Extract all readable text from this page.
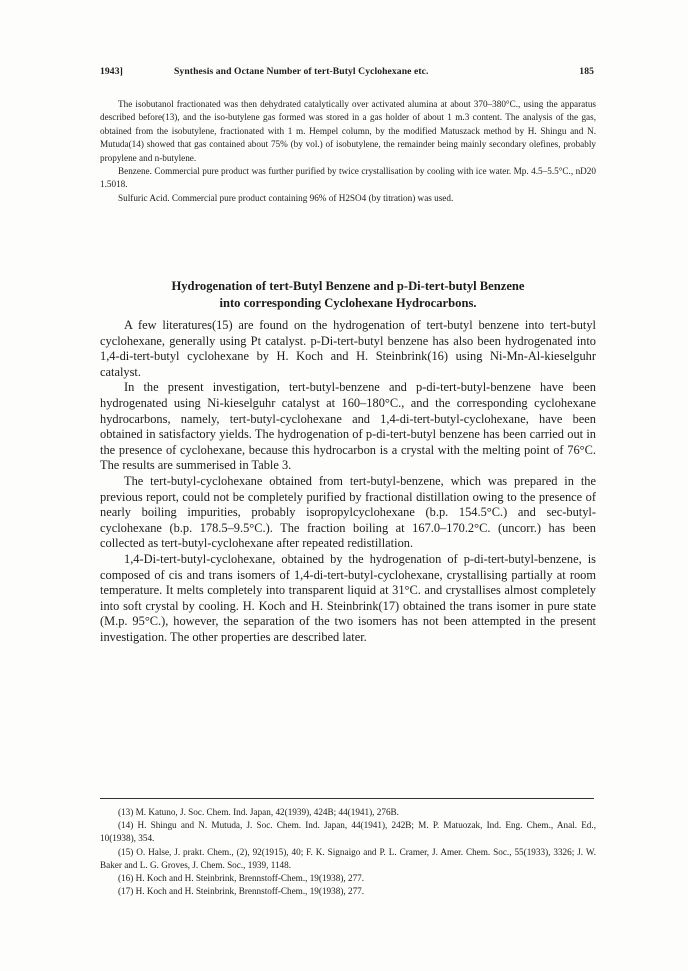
1943]	Synthesis and Octane Number of tert-Butyl Cyclohexane etc.	185

The isobutanol fractionated was then dehydrated catalytically over activated alumina at about 370–380°C., using the apparatus described before(13), and the iso-butylene gas formed was stored in a gas holder of about 1 m.3 content. The analysis of the gas, obtained from the isobutylene, fractionated with 1 m. Hempel column, by the modified Matuszack method by H. Shingu and N. Mutuda(14) showed that gas contained about 75% (by vol.) of isobutylene, the remainder being mainly secondary olefines, probably propylene and n-butylene.

Benzene. Commercial pure product was further purified by twice crystallisation by cooling with ice water. Mp. 4.5–5.5°C., nD20 1.5018.

Sulfuric Acid. Commercial pure product containing 96% of H2SO4 (by titration) was used.

Hydrogenation of tert-Butyl Benzene and p-Di-tert-butyl Benzene
into corresponding Cyclohexane Hydrocarbons.

A few literatures(15) are found on the hydrogenation of tert-butyl benzene into tert-butyl cyclohexane, generally using Pt catalyst. p-Di-tert-butyl benzene has also been hydrogenated into 1,4-di-tert-butyl cyclohexane by H. Koch and H. Steinbrink(16) using Ni-Mn-Al-kieselguhr catalyst.

In the present investigation, tert-butyl-benzene and p-di-tert-butyl-benzene have been hydrogenated using Ni-kieselguhr catalyst at 160–180°C., and the corresponding cyclohexane hydrocarbons, namely, tert-butyl-cyclohexane and 1,4-di-tert-butyl-cyclohexane, have been obtained in satisfactory yields. The hydrogenation of p-di-tert-butyl benzene has been carried out in the presence of cyclohexane, because this hydrocarbon is a crystal with the melting point of 76°C. The results are summerised in Table 3.

The tert-butyl-cyclohexane obtained from tert-butyl-benzene, which was prepared in the previous report, could not be completely purified by fractional distillation owing to the presence of nearly boiling impurities, probably isopropylcyclohexane (b.p. 154.5°C.) and sec-butyl-cyclohexane (b.p. 178.5–9.5°C.). The fraction boiling at 167.0–170.2°C. (uncorr.) has been collected as tert-butyl-cyclohexane after repeated redistillation.

1,4-Di-tert-butyl-cyclohexane, obtained by the hydrogenation of p-di-tert-butyl-benzene, is composed of cis and trans isomers of 1,4-di-tert-butyl-cyclohexane, crystallising partially at room temperature. It melts completely into transparent liquid at 31°C. and crystallises almost completely into soft crystal by cooling. H. Koch and H. Steinbrink(17) obtained the trans isomer in pure state (M.p. 95°C.), however, the separation of the two isomers has not been attempted in the present investigation. The other properties are described later.

(13) M. Katuno, J. Soc. Chem. Ind. Japan, 42(1939), 424B; 44(1941), 276B.

(14) H. Shingu and N. Mutuda, J. Soc. Chem. Ind. Japan, 44(1941), 242B; M. P. Matuozak, Ind. Eng. Chem., Anal. Ed., 10(1938), 354.

(15) O. Halse, J. prakt. Chem., (2), 92(1915), 40; F. K. Signaigo and P. L. Cramer, J. Amer. Chem. Soc., 55(1933), 3326; J. W. Baker and L. G. Groves, J. Chem. Soc., 1939, 1148.

(16) H. Koch and H. Steinbrink, Brennstoff-Chem., 19(1938), 277.

(17) H. Koch and H. Steinbrink, Brennstoff-Chem., 19(1938), 277.
